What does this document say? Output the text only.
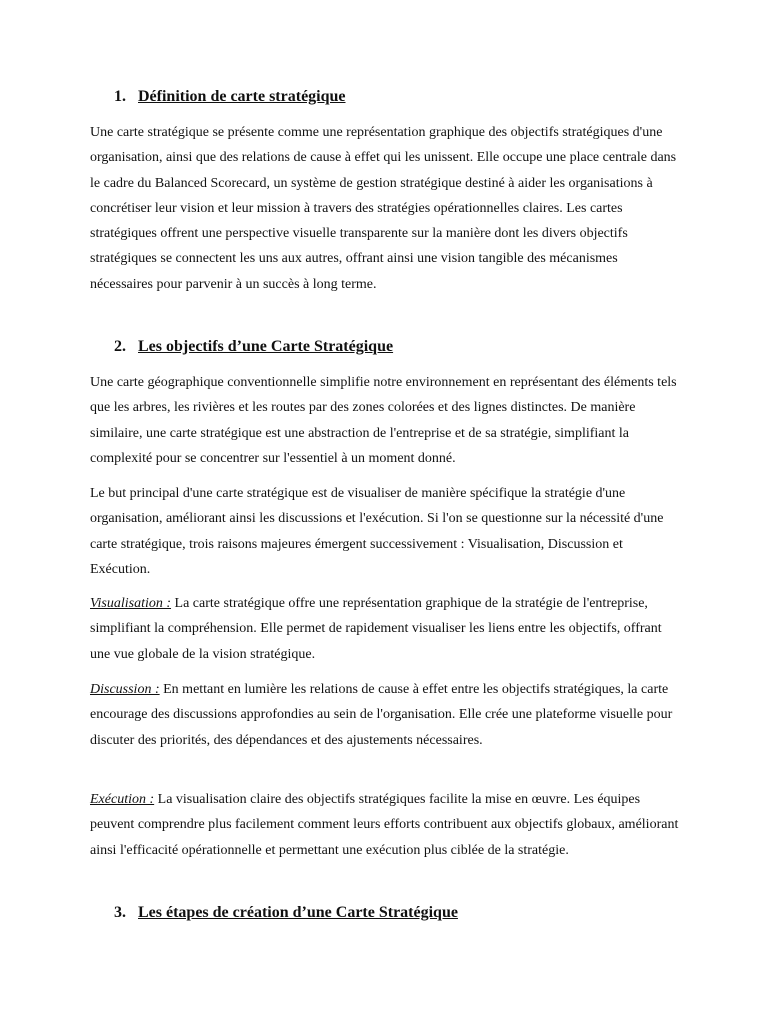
1. Définition de carte stratégique

Une carte stratégique se présente comme une représentation graphique des objectifs stratégiques d'une organisation, ainsi que des relations de cause à effet qui les unissent. Elle occupe une place centrale dans le cadre du Balanced Scorecard, un système de gestion stratégique destiné à aider les organisations à concrétiser leur vision et leur mission à travers des stratégies opérationnelles claires. Les cartes stratégiques offrent une perspective visuelle transparente sur la manière dont les divers objectifs stratégiques se connectent les uns aux autres, offrant ainsi une vision tangible des mécanismes nécessaires pour parvenir à un succès à long terme.

2. Les objectifs d’une Carte Stratégique

Une carte géographique conventionnelle simplifie notre environnement en représentant des éléments tels que les arbres, les rivières et les routes par des zones colorées et des lignes distinctes. De manière similaire, une carte stratégique est une abstraction de l'entreprise et de sa stratégie, simplifiant la complexité pour se concentrer sur l'essentiel à un moment donné.

Le but principal d'une carte stratégique est de visualiser de manière spécifique la stratégie d'une organisation, améliorant ainsi les discussions et l'exécution. Si l'on se questionne sur la nécessité d'une carte stratégique, trois raisons majeures émergent successivement : Visualisation, Discussion et Exécution.

Visualisation : La carte stratégique offre une représentation graphique de la stratégie de l'entreprise, simplifiant la compréhension. Elle permet de rapidement visualiser les liens entre les objectifs, offrant une vue globale de la vision stratégique.

Discussion : En mettant en lumière les relations de cause à effet entre les objectifs stratégiques, la carte encourage des discussions approfondies au sein de l'organisation. Elle crée une plateforme visuelle pour discuter des priorités, des dépendances et des ajustements nécessaires.

Exécution : La visualisation claire des objectifs stratégiques facilite la mise en œuvre. Les équipes peuvent comprendre plus facilement comment leurs efforts contribuent aux objectifs globaux, améliorant ainsi l'efficacité opérationnelle et permettant une exécution plus ciblée de la stratégie.

3. Les étapes de création d’une Carte Stratégique
